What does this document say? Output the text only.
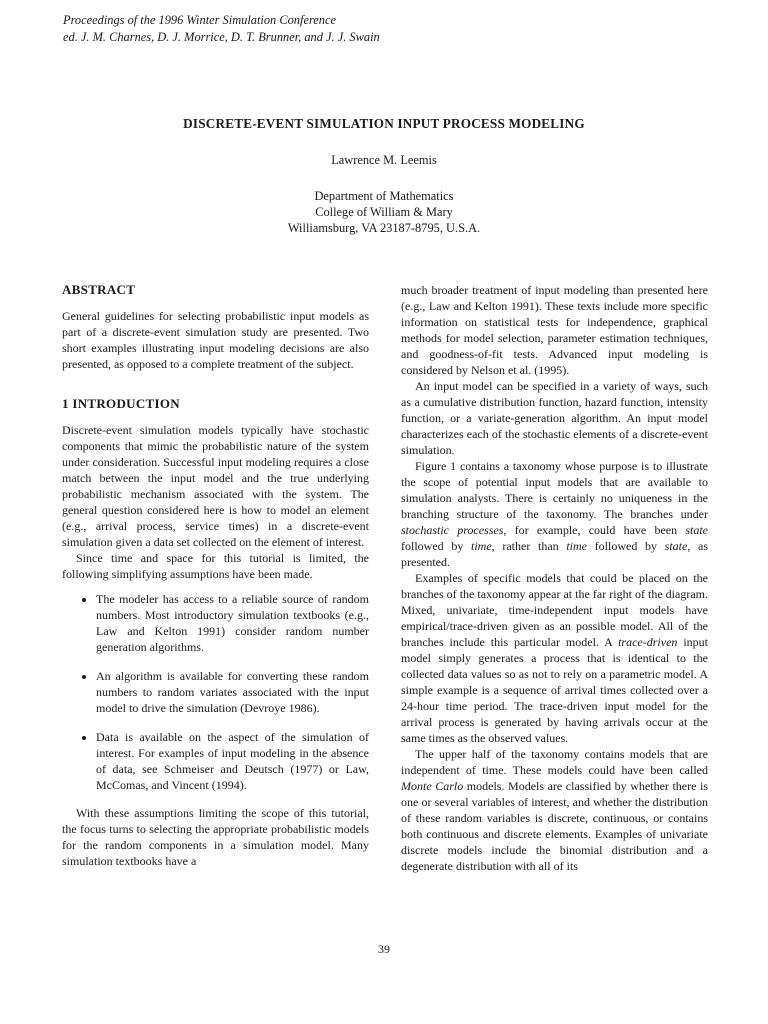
Proceedings of the 1996 Winter Simulation Conference
ed. J. M. Charnes, D. J. Morrice, D. T. Brunner, and J. J. Swain
DISCRETE-EVENT SIMULATION INPUT PROCESS MODELING
Lawrence M. Leemis
Department of Mathematics
College of William & Mary
Williamsburg, VA 23187-8795, U.S.A.
ABSTRACT

General guidelines for selecting probabilistic input models as part of a discrete-event simulation study are presented. Two short examples illustrating input modeling decisions are also presented, as opposed to a complete treatment of the subject.

1 INTRODUCTION

Discrete-event simulation models typically have stochastic components that mimic the probabilistic nature of the system under consideration. Successful input modeling requires a close match between the input model and the true underlying probabilistic mechanism associated with the system. The general question considered here is how to model an element (e.g., arrival process, service times) in a discrete-event simulation given a data set collected on the element of interest.

Since time and space for this tutorial is limited, the following simplifying assumptions have been made.

• The modeler has access to a reliable source of random numbers. Most introductory simulation textbooks (e.g., Law and Kelton 1991) consider random number generation algorithms.
• An algorithm is available for converting these random numbers to random variates associated with the input model to drive the simulation (Devroye 1986).
• Data is available on the aspect of the simulation of interest. For examples of input modeling in the absence of data, see Schmeiser and Deutsch (1977) or Law, McComas, and Vincent (1994).

With these assumptions limiting the scope of this tutorial, the focus turns to selecting the appropriate probabilistic models for the random components in a simulation model. Many simulation textbooks have a

much broader treatment of input modeling than presented here (e.g., Law and Kelton 1991). These texts include more specific information on statistical tests for independence, graphical methods for model selection, parameter estimation techniques, and goodness-of-fit tests. Advanced input modeling is considered by Nelson et al. (1995).

An input model can be specified in a variety of ways, such as a cumulative distribution function, hazard function, intensity function, or a variate-generation algorithm. An input model characterizes each of the stochastic elements of a discrete-event simulation.

Figure 1 contains a taxonomy whose purpose is to illustrate the scope of potential input models that are available to simulation analysts. There is certainly no uniqueness in the branching structure of the taxonomy. The branches under stochastic processes, for example, could have been state followed by time, rather than time followed by state, as presented.

Examples of specific models that could be placed on the branches of the taxonomy appear at the far right of the diagram. Mixed, univariate, time-independent input models have empirical/trace-driven given as an possible model. All of the branches include this particular model. A trace-driven input model simply generates a process that is identical to the collected data values so as not to rely on a parametric model. A simple example is a sequence of arrival times collected over a 24-hour time period. The trace-driven input model for the arrival process is generated by having arrivals occur at the same times as the observed values.

The upper half of the taxonomy contains models that are independent of time. These models could have been called Monte Carlo models. Models are classified by whether there is one or several variables of interest, and whether the distribution of these random variables is discrete, continuous, or contains both continuous and discrete elements. Examples of univariate discrete models include the binomial distribution and a degenerate distribution with all of its

39
